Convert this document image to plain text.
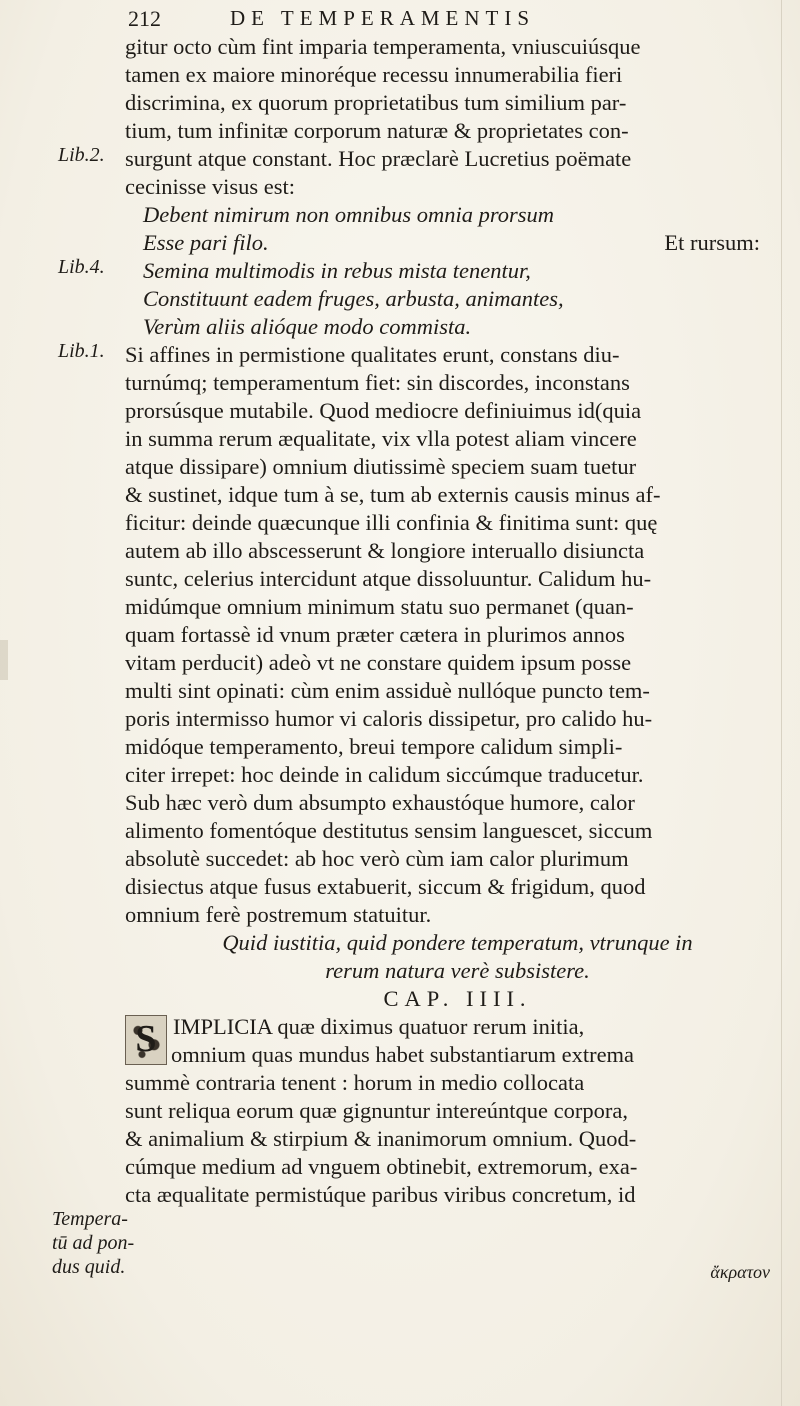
212	DE TEMPERAMENTIS
gitur octo cùm fint imparia temperamenta, vniuscuiúsque
tamen ex maiore minoréque recessu innumerabilia fieri
discrimina, ex quorum proprietatibus tum similium par-
tium, tum infinitæ corporum naturæ & proprietates con-
surgunt atque constant. Hoc præclarè Lucretius poëmate
cecinisse visus est:
Debent nimirum non omnibus omnia prorsum
Esse pari filo.	Et rursum:
Semina multimodis in rebus mista tenentur,
Constituunt eadem fruges, arbusta, animantes,
Verùm aliis alióque modo commista.
Si affines in permistione qualitates erunt, constans diu-
turnúmq; temperamentum fiet: sin discordes, inconstans
prorsúsque mutabile. Quod mediocre definiuimus id(quia
in summa rerum æqualitate, vix vlla potest aliam vincere
atque dissipare) omnium diutissimè speciem suam tuetur
& sustinet, idque tum à se, tum ab externis causis minus af-
ficitur: deinde quæcunque illi confinia & finitima sunt: quę
autem ab illo abscesserunt & longiore interuallo disiuncta
suntc, celerius intercidunt atque dissoluuntur. Calidum hu-
midúmque omnium minimum statu suo permanet (quan-
quam fortassè id vnum præter cætera in plurimos annos
vitam perducit) adeò vt ne constare quidem ipsum posse
multi sint opinati: cùm enim assiduè nullóque puncto tem-
poris intermisso humor vi caloris dissipetur, pro calido hu-
midóque temperamento, breui tempore calidum simpli-
citer irrepet: hoc deinde in calidum siccúmque traducetur.
Sub hæc verò dum absumpto exhaustóque humore, calor
alimento fomentóque destitutus sensim languescet, siccum
absolutè succedet: ab hoc verò cùm iam calor plurimum
disiectus atque fusus extabuerit, siccum & frigidum, quod
omnium ferè postremum statuitur.
Quid iustitia, quid pondere temperatum, vtrunque in
rerum natura verè subsistere.
CAP. IIII.
S IMPLICIA quæ diximus quatuor rerum initia,
omnium quas mundus habet substantiarum extrema
summè contraria tenent : horum in medio collocata
sunt reliqua eorum quæ gignuntur intereúntque corpora,
& animalium & stirpium & inanimorum omnium. Quod-
cúmque medium ad vnguem obtinebit, extremorum, exa-
cta æqualitate permistúque paribus viribus concretum, id
Lib.2.
Lib.4.
Lib.1.
Tempera-
tū ad pon-
dus quid.	ἄκρατον
